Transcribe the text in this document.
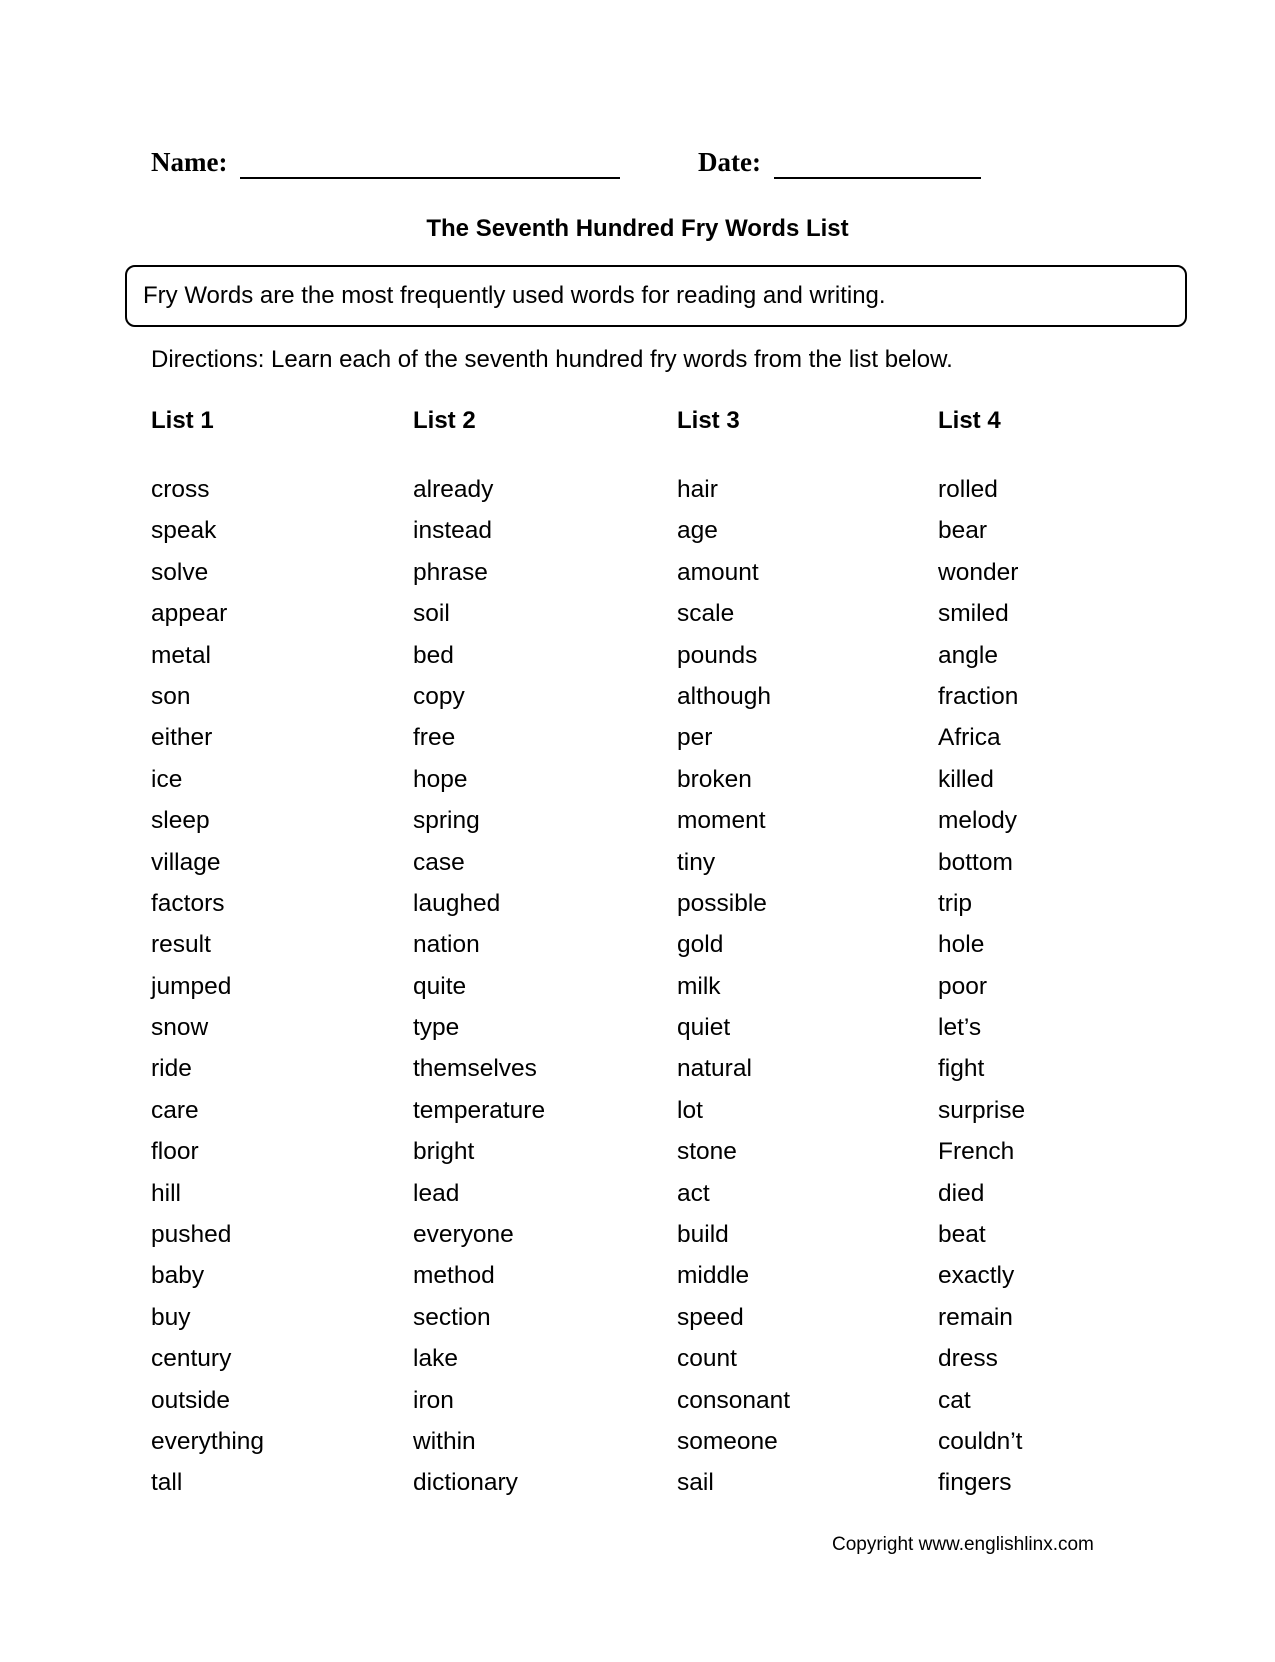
Name:	Date:
The Seventh Hundred Fry Words List
Fry Words are the most frequently used words for reading and writing.
Directions: Learn each of the seventh hundred fry words from the list below.
List 1
cross
speak
solve
appear
metal
son
either
ice
sleep
village
factors
result
jumped
snow
ride
care
floor
hill
pushed
baby
buy
century
outside
everything
tall
List 2
already
instead
phrase
soil
bed
copy
free
hope
spring
case
laughed
nation
quite
type
themselves
temperature
bright
lead
everyone
method
section
lake
iron
within
dictionary
List 3
hair
age
amount
scale
pounds
although
per
broken
moment
tiny
possible
gold
milk
quiet
natural
lot
stone
act
build
middle
speed
count
consonant
someone
sail
List 4
rolled
bear
wonder
smiled
angle
fraction
Africa
killed
melody
bottom
trip
hole
poor
let’s
fight
surprise
French
died
beat
exactly
remain
dress
cat
couldn’t
fingers
Copyright www.englishlinx.com
